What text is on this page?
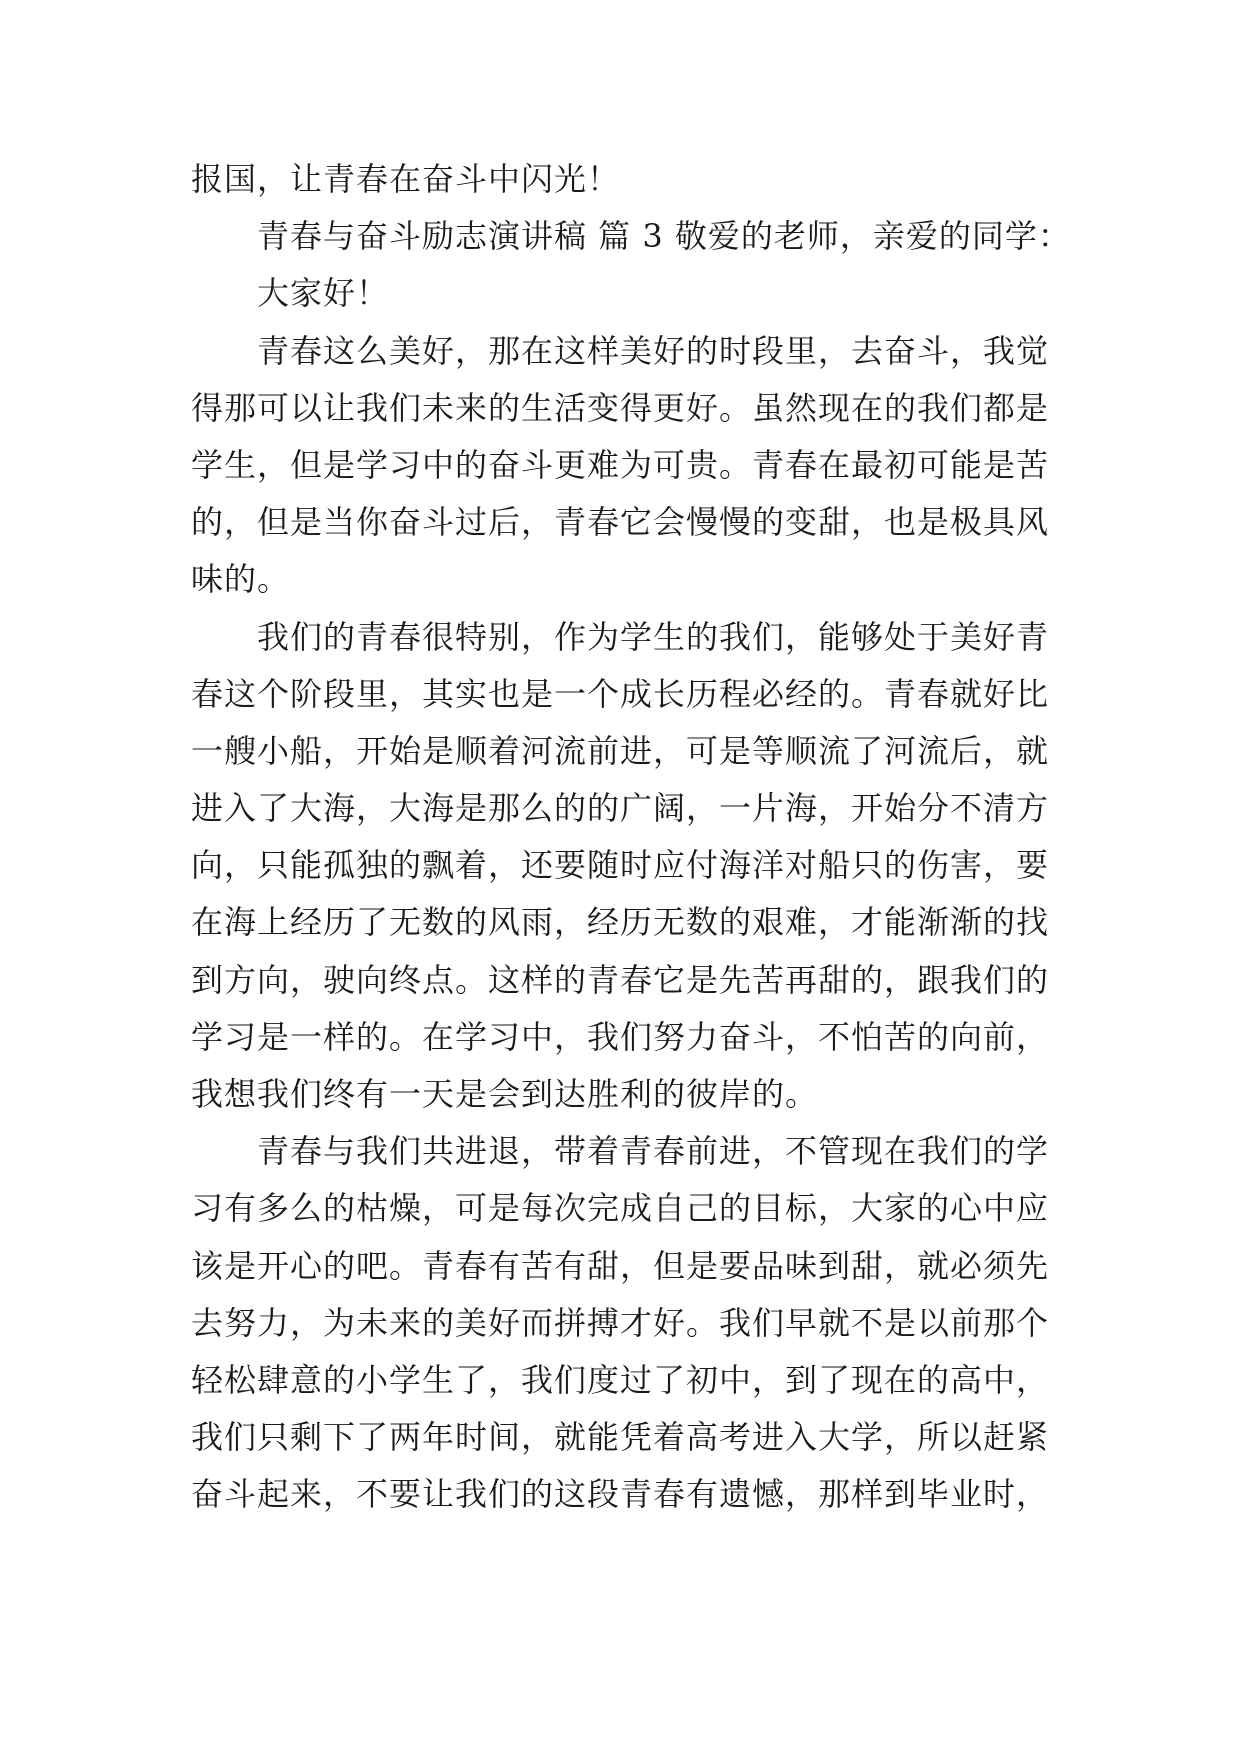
报国，让青春在奋斗中闪光！
青春与奋斗励志演讲稿 篇 3 敬爱的老师，亲爱的同学：
大家好！
青春这么美好，那在这样美好的时段里，去奋斗，我觉
得那可以让我们未来的生活变得更好。虽然现在的我们都是
学生，但是学习中的奋斗更难为可贵。青春在最初可能是苦
的，但是当你奋斗过后，青春它会慢慢的变甜，也是极具风
味的。
我们的青春很特别，作为学生的我们，能够处于美好青
春这个阶段里，其实也是一个成长历程必经的。青春就好比
一艘小船，开始是顺着河流前进，可是等顺流了河流后，就
进入了大海，大海是那么的的广阔，一片海，开始分不清方
向，只能孤独的飘着，还要随时应付海洋对船只的伤害，要
在海上经历了无数的风雨，经历无数的艰难，才能渐渐的找
到方向，驶向终点。这样的青春它是先苦再甜的，跟我们的
学习是一样的。在学习中，我们努力奋斗，不怕苦的向前，
我想我们终有一天是会到达胜利的彼岸的。
青春与我们共进退，带着青春前进，不管现在我们的学
习有多么的枯燥，可是每次完成自己的目标，大家的心中应
该是开心的吧。青春有苦有甜，但是要品味到甜，就必须先
去努力，为未来的美好而拼搏才好。我们早就不是以前那个
轻松肆意的小学生了，我们度过了初中，到了现在的高中，
我们只剩下了两年时间，就能凭着高考进入大学，所以赶紧
奋斗起来，不要让我们的这段青春有遗憾，那样到毕业时，
